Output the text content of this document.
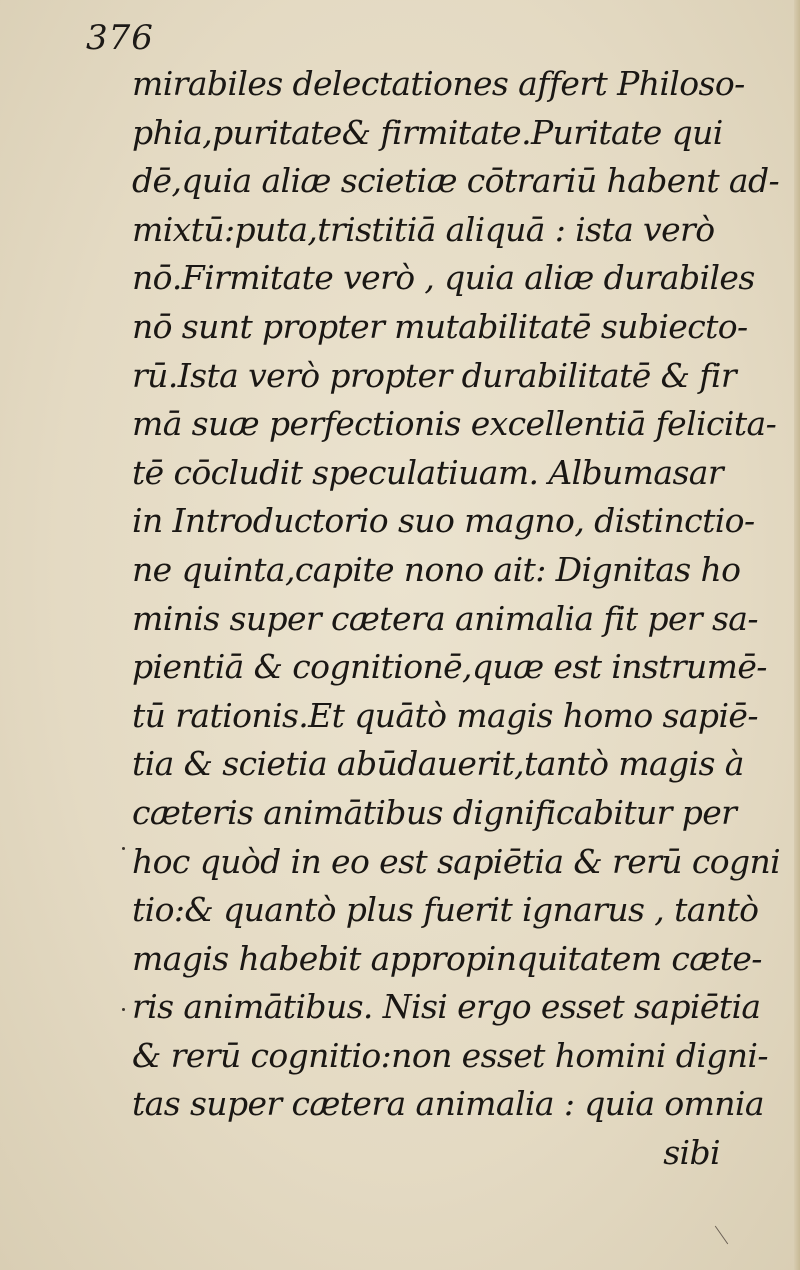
376
mirabiles delectationes affert Philoso-
phia,puritate& firmitate.Puritate qui
dē,quia aliæ scietiæ cōtrariū habent ad-
mixtū:puta,tristitiā aliquā : ista verò
nō.Firmitate verò , quia aliæ durabiles
nō sunt propter mutabilitatē subiecto-
rū.Ista verò propter durabilitatē & fir
mā suæ perfectionis excellentiā felicita-
tē cōcludit speculatiuam. Albumasar
in Introductorio suo magno, distinctio-
ne quinta,capite nono ait: Dignitas ho
minis super cætera animalia fit per sa-
pientiā & cognitionē,quæ est instrumē-
tū rationis.Et quātò magis homo sapiē-
tia & scietia abūdauerit,tantò magis à
cæteris animātibus dignificabitur per
hoc quòd in eo est sapiētia & rerū cogni
tio:& quantò plus fuerit ignarus , tantò
magis habebit appropinquitatem cæte-
ris animātibus. Nisi ergo esset sapiētia
& rerū cognitio:non esset homini digni-
tas super cætera animalia : quia omnia
sibi
